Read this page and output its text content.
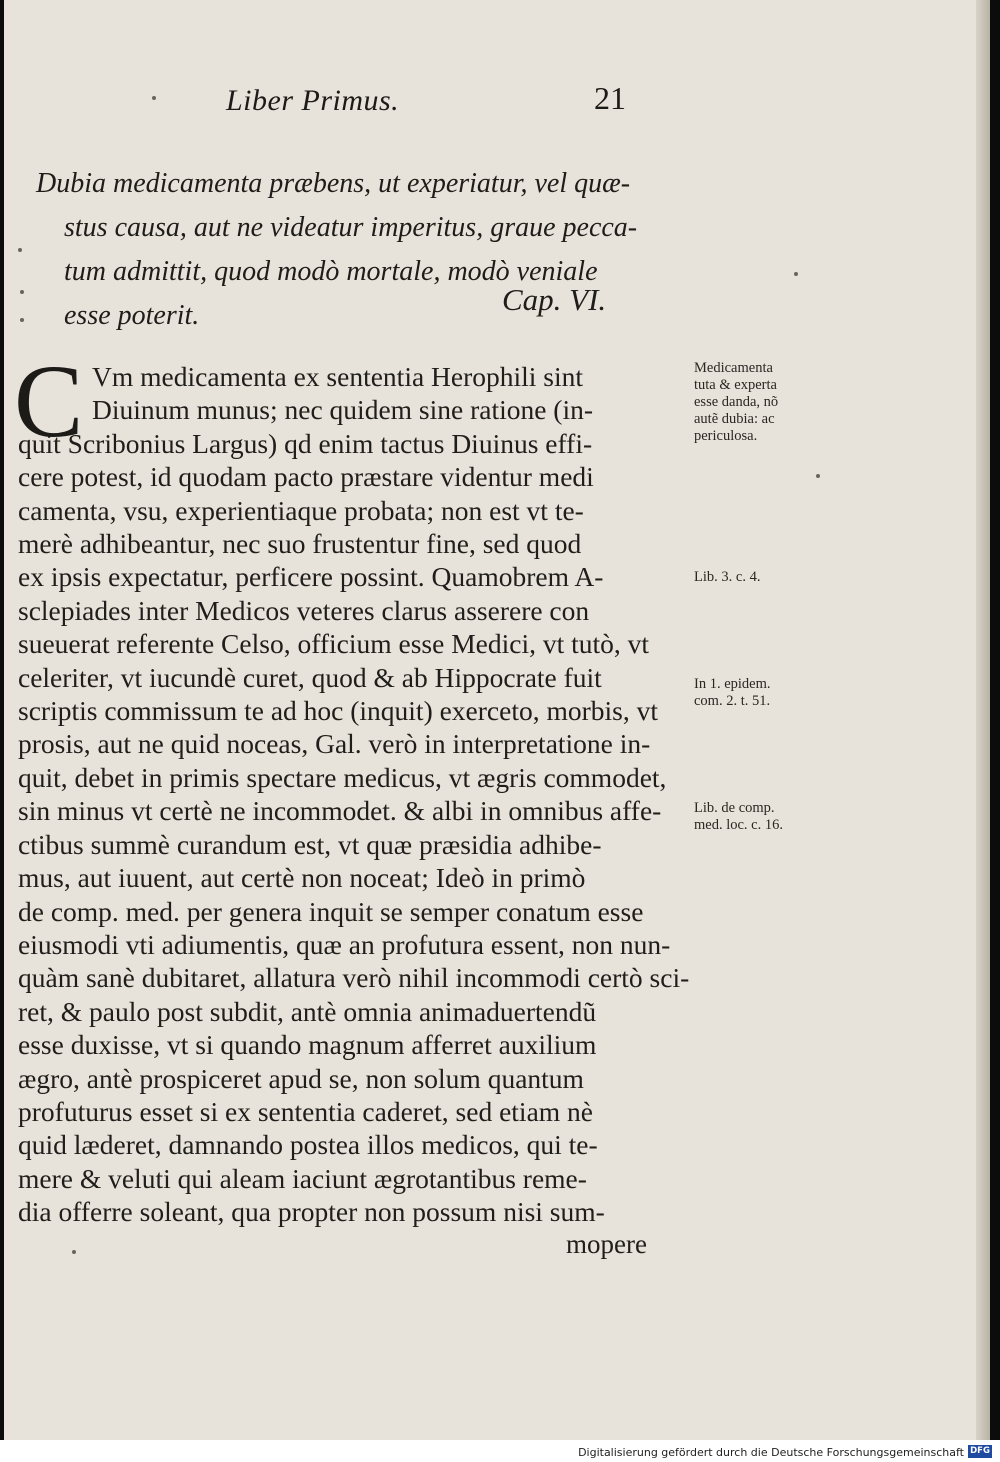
Liber Primus.	21
Dubia medicamenta præbens, ut experiatur, vel quæ-
stus causa, aut ne videatur imperitus, graue pecca-
tum admittit, quod modò mortale, modò veniale
esse poterit.	Cap. VI.
C Vm medicamenta ex sententia Herophili sint
Diuinum munus; nec quidem sine ratione (in-
quit Scribonius Largus) qd enim tactus Diuinus effi-
cere potest, id quodam pacto præstare videntur medi
camenta, vsu, experientiaque probata; non est vt te-
merè adhibeantur, nec suo frustentur fine, sed quod
ex ipsis expectatur, perficere possint. Quamobrem A-
sclepiades inter Medicos veteres clarus asserere con
sueuerat referente Celso, officium esse Medici, vt tutò, vt
celeriter, vt iucundè curet, quod & ab Hippocrate fuit
scriptis commissum te ad hoc (inquit) exerceto, morbis, vt
prosis, aut ne quid noceas, Gal. verò in interpretatione in-
quit, debet in primis spectare medicus, vt ægris commodet,
sin minus vt certè ne incommodet. & albi in omnibus affe-
ctibus summè curandum est, vt quæ præsidia adhibe-
mus, aut iuuent, aut certè non noceat; Ideò in primò
de comp. med. per genera inquit se semper conatum esse
eiusmodi vti adiumentis, quæ an profutura essent, non nun-
quàm sanè dubitaret, allatura verò nihil incommodi certò sci-
ret, & paulo post subdit, antè omnia animaduertendũ
esse duxisse, vt si quando magnum afferret auxilium
ægro, antè prospiceret apud se, non solum quantum
profuturus esset si ex sententia caderet, sed etiam nè
quid læderet, damnando postea illos medicos, qui te-
mere & veluti qui aleam iaciunt ægrotantibus reme-
dia offerre soleant, qua propter non possum nisi sum-
mopere
Medicamenta
tuta & experta
esse danda, nõ
autẽ dubia: ac
periculosa.
Lib. 3. c. 4.
In 1. epidem.
com. 2. t. 51.
Lib. de comp.
med. loc. c. 16.
Digitalisierung gefördert durch die Deutsche Forschungsgemeinschaft DFG
